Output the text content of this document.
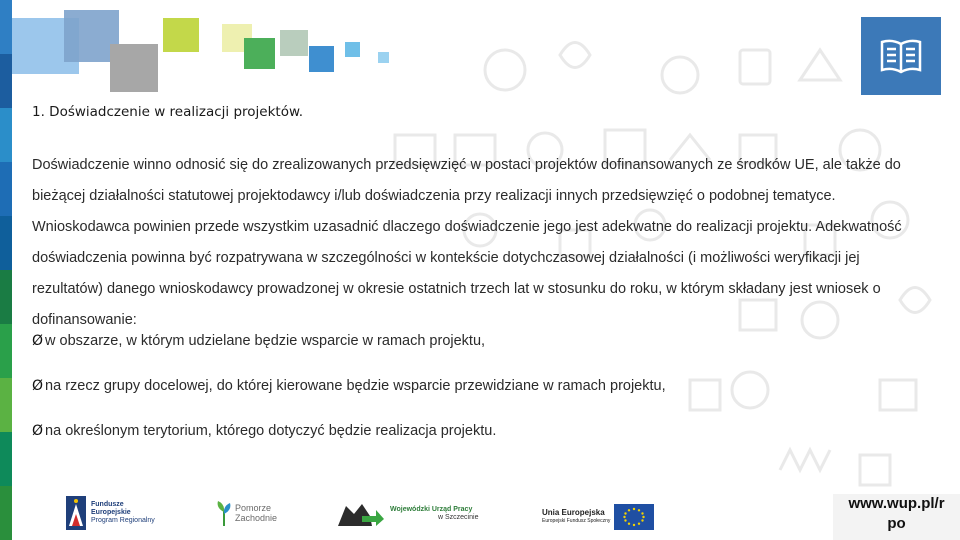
1. Doświadczenie w realizacji projektów.

Doświadczenie winno odnosić się do zrealizowanych przedsięwzięć w postaci projektów dofinansowanych ze środków UE, ale także do bieżącej działalności statutowej projektodawcy i/lub doświadczenia przy realizacji innych przedsięwzięć o podobnej tematyce. Wnioskodawca powinien przede wszystkim uzasadnić dlaczego doświadczenie jego jest adekwatne do realizacji projektu. Adekwatność doświadczenia powinna być rozpatrywana w szczególności w kontekście dotychczasowej działalności (i możliwości weryfikacji jej rezultatów) danego wnioskodawcy prowadzonej w okresie ostatnich trzech lat w stosunku do roku, w którym składany jest wniosek o dofinansowanie:

Ø w obszarze, w którym udzielane będzie wsparcie w ramach projektu,
Ø na rzecz grupy docelowej, do której kierowane będzie wsparcie przewidziane w ramach projektu,
Ø na określonym terytorium, którego dotyczyć będzie realizacja projektu.
Fundusze
Europejskie
Program Regionalny
Pomorze
Zachodnie
Wojewódzki Urząd Pracy
w Szczecinie
Unia Europejska
Europejski Fundusz Społeczny
www.wup.pl/r
po
